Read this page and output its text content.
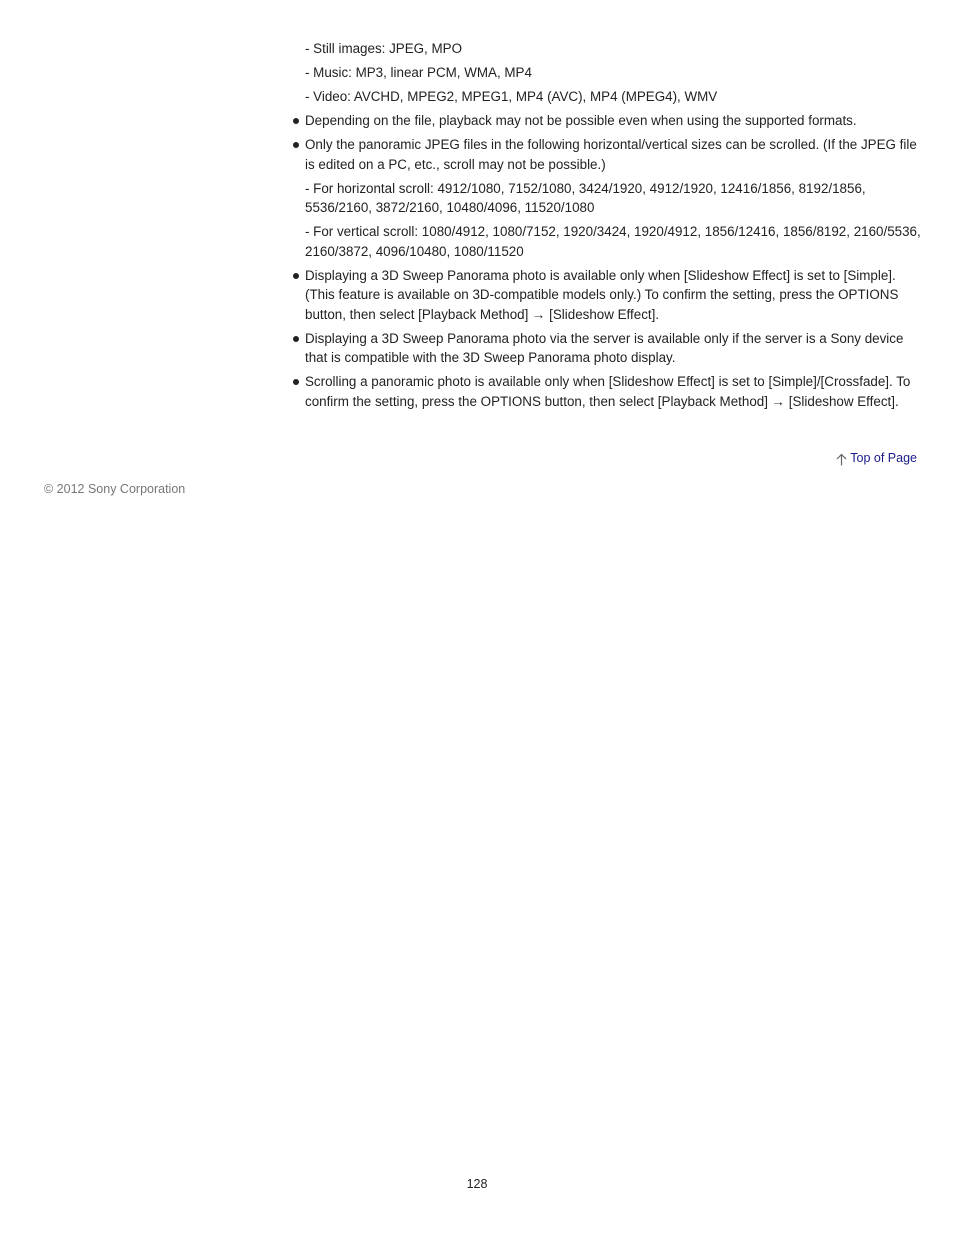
- Still images: JPEG, MPO
- Music: MP3, linear PCM, WMA, MP4
- Video: AVCHD, MPEG2, MPEG1, MP4 (AVC), MP4 (MPEG4), WMV
Depending on the file, playback may not be possible even when using the supported formats.
Only the panoramic JPEG files in the following horizontal/vertical sizes can be scrolled. (If the JPEG file is edited on a PC, etc., scroll may not be possible.)
- For horizontal scroll: 4912/1080, 7152/1080, 3424/1920, 4912/1920, 12416/1856, 8192/1856, 5536/2160, 3872/2160, 10480/4096, 11520/1080
- For vertical scroll: 1080/4912, 1080/7152, 1920/3424, 1920/4912, 1856/12416, 1856/8192, 2160/5536, 2160/3872, 4096/10480, 1080/11520
Displaying a 3D Sweep Panorama photo is available only when [Slideshow Effect] is set to [Simple]. (This feature is available on 3D-compatible models only.) To confirm the setting, press the OPTIONS button, then select [Playback Method] → [Slideshow Effect].
Displaying a 3D Sweep Panorama photo via the server is available only if the server is a Sony device that is compatible with the 3D Sweep Panorama photo display.
Scrolling a panoramic photo is available only when [Slideshow Effect] is set to [Simple]/[Crossfade]. To confirm the setting, press the OPTIONS button, then select [Playback Method] → [Slideshow Effect].
Top of Page
© 2012 Sony Corporation
128
